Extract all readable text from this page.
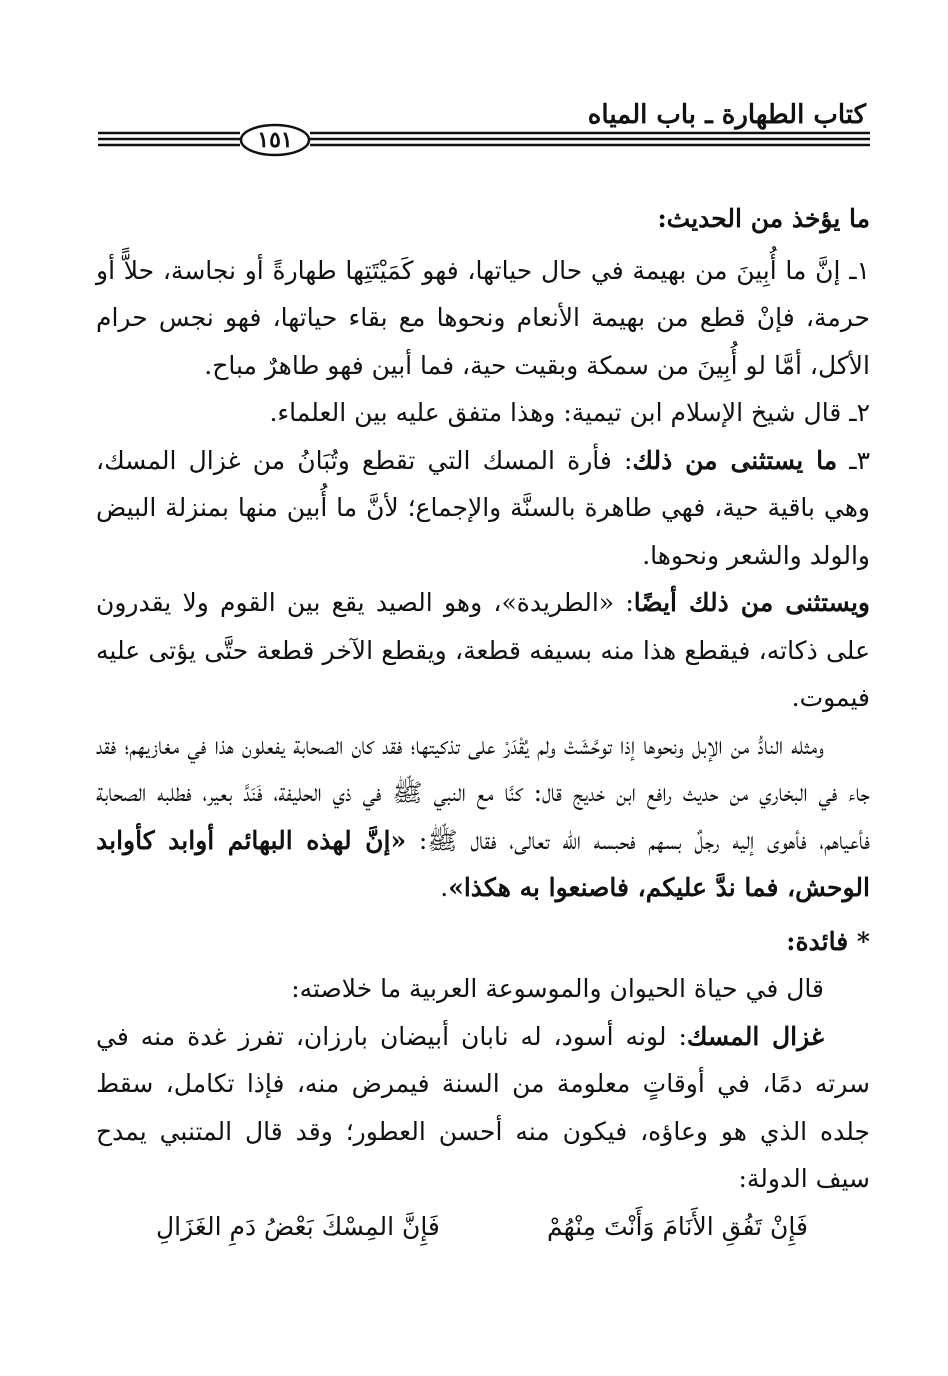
كتاب الطهارة ـ باب المياه
١٥١

ما يؤخذ من الحديث:

١ـ إنَّ ما أُبِينَ من بهيمة في حال حياتها، فهو كَمَيْتَتِها طهارةً أو نجاسة، حلاًّ أو حرمة، فإنْ قطع من بهيمة الأنعام ونحوها مع بقاء حياتها، فهو نجس حرام الأكل، أمَّا لو أُبِينَ من سمكة وبقيت حية، فما أبين فهو طاهرٌ مباح.

٢ـ قال شيخ الإسلام ابن تيمية: وهذا متفق عليه بين العلماء.

٣ـ ما يستثنى من ذلك: فأرة المسك التي تقطع وتُبَانُ من غزال المسك، وهي باقية حية، فهي طاهرة بالسنَّة والإجماع؛ لأنَّ ما أُبين منها بمنزلة البيض والولد والشعر ونحوها.

ويستثنى من ذلك أيضًا: «الطريدة»، وهو الصيد يقع بين القوم ولا يقدرون على ذكاته، فيقطع هذا منه بسيفه قطعة، ويقطع الآخر قطعة حتَّى يؤتى عليه فيموت.

ومثله النادُّ من الإبل ونحوها إذا توحَّشَتْ ولم يُقْدَرْ على تذكيتها؛ فقد كان الصحابة يفعلون هذا في مغازيهم؛ فقد جاء في البخاري من حديث رافع ابن خديج قال: كنَّا مع النبي ﷺ في ذي الحليفة، فَنَدَّ بعير، فطلبه الصحابة فأعياهم، فأهوى إليه رجلٌ بسهم فحبسه الله تعالى، فقال ﷺ: «إنَّ لهذه البهائم أوابد كأوابد الوحش، فما ندَّ عليكم، فاصنعوا به هكذا».

* فائدة:

قال في حياة الحيوان والموسوعة العربية ما خلاصته:

غزال المسك: لونه أسود، له نابان أبيضان بارزان، تفرز غدة منه في سرته دمًا، في أوقاتٍ معلومة من السنة فيمرض منه، فإذا تكامل، سقط جلده الذي هو وعاؤه، فيكون منه أحسن العطور؛ وقد قال المتنبي يمدح سيف الدولة:

فَإِنْ تَفُقِ الأَنَامَ وَأَنْتَ مِنْهُمْ
فَإِنَّ المِسْكَ بَعْضُ دَمِ الغَزَالِ
